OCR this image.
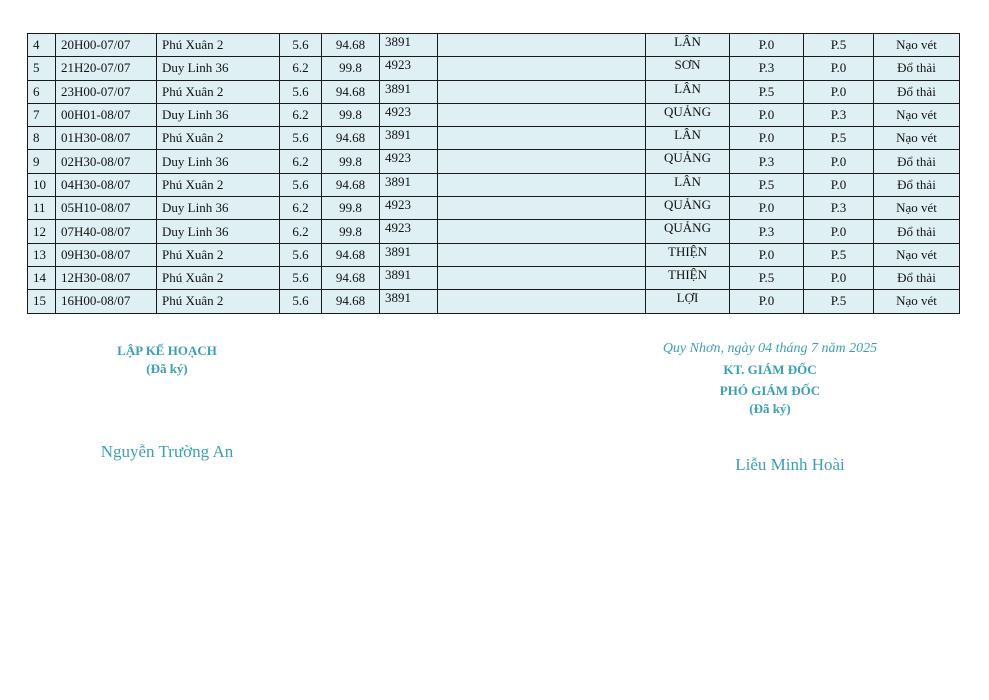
4	20H00-07/07	Phú Xuân 2	5.6	94.68	3891		LÂN	P.0	P.5	Nạo vét
5	21H20-07/07	Duy Linh 36	6.2	99.8	4923		SƠN	P.3	P.0	Đổ thải
6	23H00-07/07	Phú Xuân 2	5.6	94.68	3891		LÂN	P.5	P.0	Đổ thải
7	00H01-08/07	Duy Linh 36	6.2	99.8	4923		QUẢNG	P.0	P.3	Nạo vét
8	01H30-08/07	Phú Xuân 2	5.6	94.68	3891		LÂN	P.0	P.5	Nạo vét
9	02H30-08/07	Duy Linh 36	6.2	99.8	4923		QUẢNG	P.3	P.0	Đổ thải
10	04H30-08/07	Phú Xuân 2	5.6	94.68	3891		LÂN	P.5	P.0	Đổ thải
11	05H10-08/07	Duy Linh 36	6.2	99.8	4923		QUẢNG	P.0	P.3	Nạo vét
12	07H40-08/07	Duy Linh 36	6.2	99.8	4923		QUẢNG	P.3	P.0	Đổ thải
13	09H30-08/07	Phú Xuân 2	5.6	94.68	3891		THIỆN	P.0	P.5	Nạo vét
14	12H30-08/07	Phú Xuân 2	5.6	94.68	3891		THIỆN	P.5	P.0	Đổ thải
15	16H00-08/07	Phú Xuân 2	5.6	94.68	3891		LỢI	P.0	P.5	Nạo vét
LẬP KẾ HOẠCH
(Đã ký)
Nguyễn Trường An
Quy Nhơn, ngày 04 tháng 7 năm 2025
KT. GIÁM ĐỐC
PHÓ GIÁM ĐỐC
(Đã ký)
Liễu Minh Hoài
